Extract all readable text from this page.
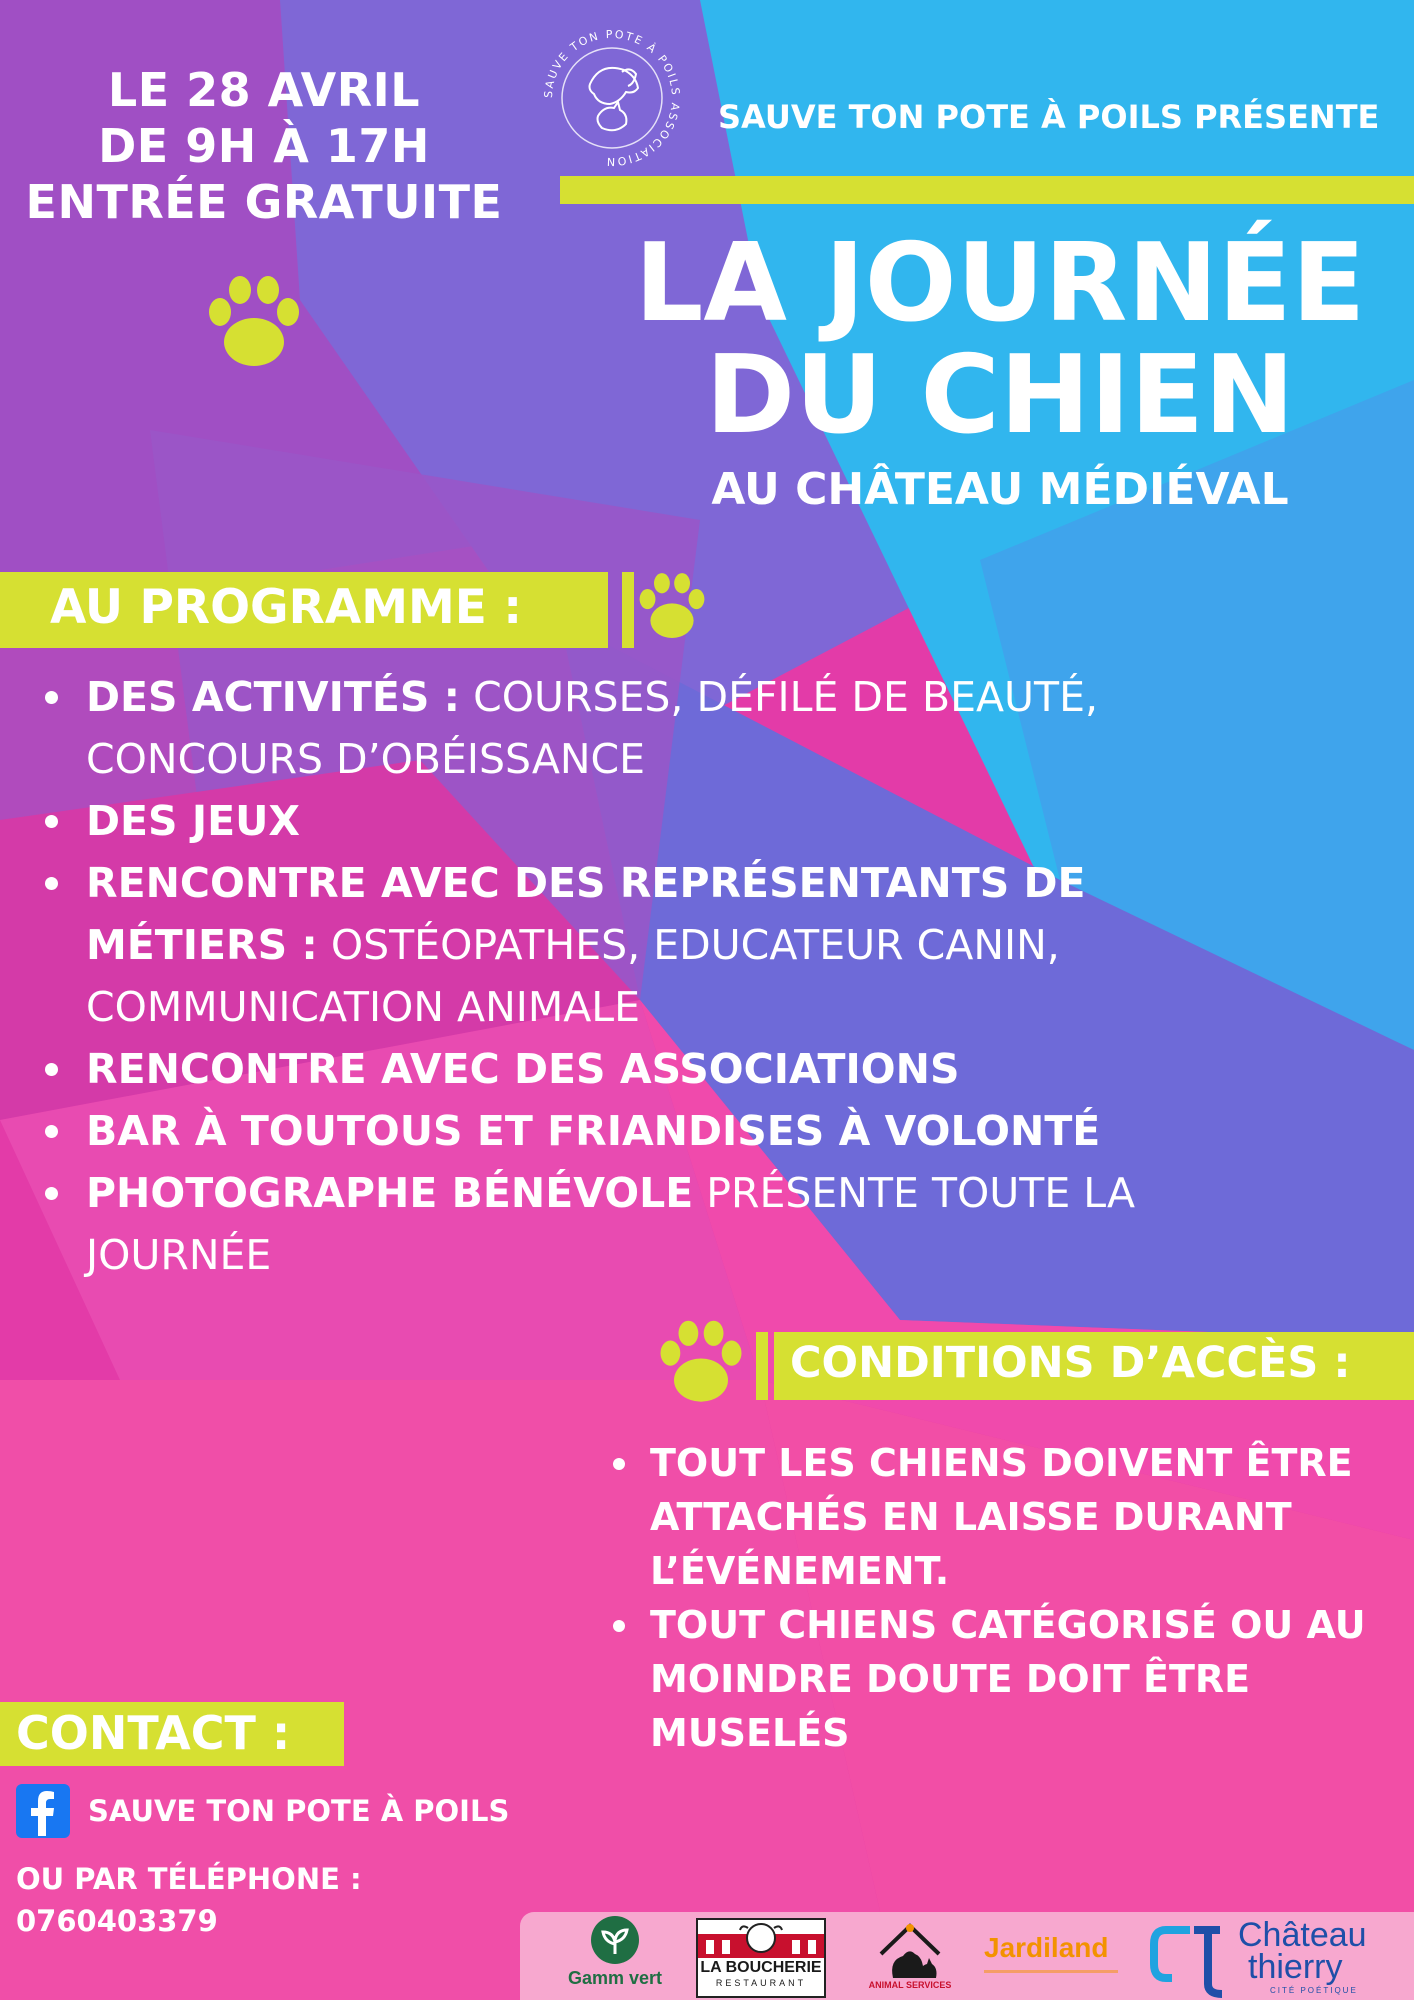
SAUVE TON POTE À POILS ASSOCIATION
LE 28 AVRIL
DE 9H À 17H
ENTRÉE GRATUITE
SAUVE TON POTE À POILS PRÉSENTE
LA JOURNÉE
DU CHIEN
AU CHÂTEAU MÉDIÉVAL
AU PROGRAMME :
DES ACTIVITÉS : COURSES, DÉFILÉ DE BEAUTÉ, CONCOURS D’OBÉISSANCE
DES JEUX
RENCONTRE AVEC DES REPRÉSENTANTS DE MÉTIERS : OSTÉOPATHES, EDUCATEUR CANIN, COMMUNICATION ANIMALE
RENCONTRE AVEC DES ASSOCIATIONS
BAR À TOUTOUS ET FRIANDISES À VOLONTÉ
PHOTOGRAPHE BÉNÉVOLE PRÉSENTE TOUTE LA JOURNÉE
CONDITIONS D’ACCÈS :
TOUT LES CHIENS DOIVENT ÊTRE ATTACHÉS EN LAISSE DURANT L’ÉVÉNEMENT.
TOUT CHIENS CATÉGORISÉ OU AU MOINDRE DOUTE DOIT ÊTRE MUSELÉS
CONTACT :
SAUVE TON POTE À POILS
OU PAR TÉLÉPHONE :
0760403379
Gamm vert
LA BOUCHERIE
RESTAURANT	ANIMAL SERVICES
Jardiland	Château
thierry
CITÉ POÉTIQUE
